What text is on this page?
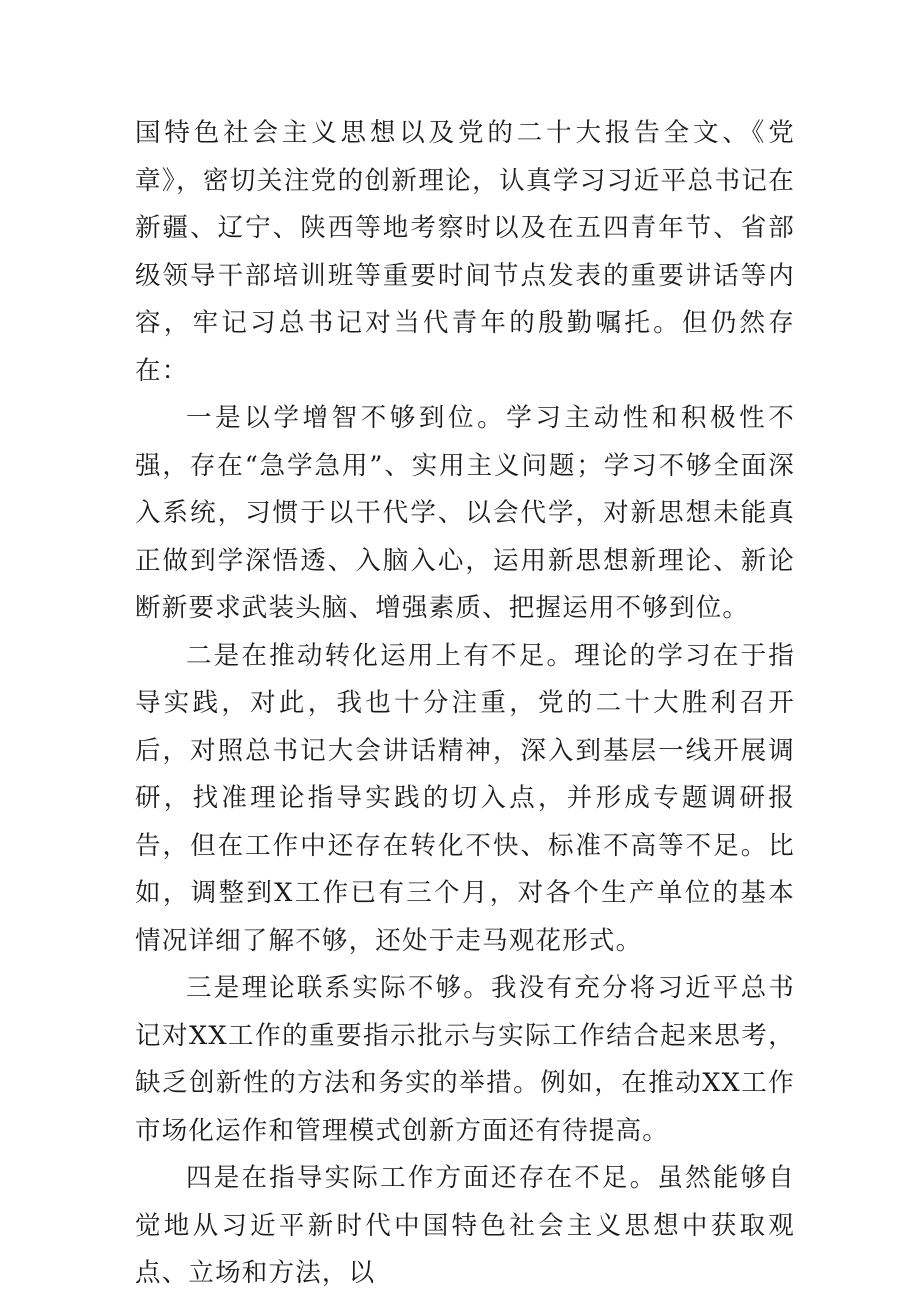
国特色社会主义思想以及党的二十大报告全文、《党章》，密切关注党的创新理论，认真学习习近平总书记在新疆、辽宁、陕西等地考察时以及在五四青年节、省部级领导干部培训班等重要时间节点发表的重要讲话等内容，牢记习总书记对当代青年的殷勤嘱托。但仍然存在：

一是以学增智不够到位。学习主动性和积极性不强，存在“急学急用”、实用主义问题；学习不够全面深入系统，习惯于以干代学、以会代学，对新思想未能真正做到学深悟透、入脑入心，运用新思想新理论、新论断新要求武装头脑、增强素质、把握运用不够到位。

二是在推动转化运用上有不足。理论的学习在于指导实践，对此，我也十分注重，党的二十大胜利召开后，对照总书记大会讲话精神，深入到基层一线开展调研，找准理论指导实践的切入点，并形成专题调研报告，但在工作中还存在转化不快、标准不高等不足。比如，调整到X工作已有三个月，对各个生产单位的基本情况详细了解不够，还处于走马观花形式。

三是理论联系实际不够。我没有充分将习近平总书记对XX工作的重要指示批示与实际工作结合起来思考，缺乏创新性的方法和务实的举措。例如，在推动XX工作市场化运作和管理模式创新方面还有待提高。

四是在指导实际工作方面还存在不足。虽然能够自觉地从习近平新时代中国特色社会主义思想中获取观点、立场和方法，以
